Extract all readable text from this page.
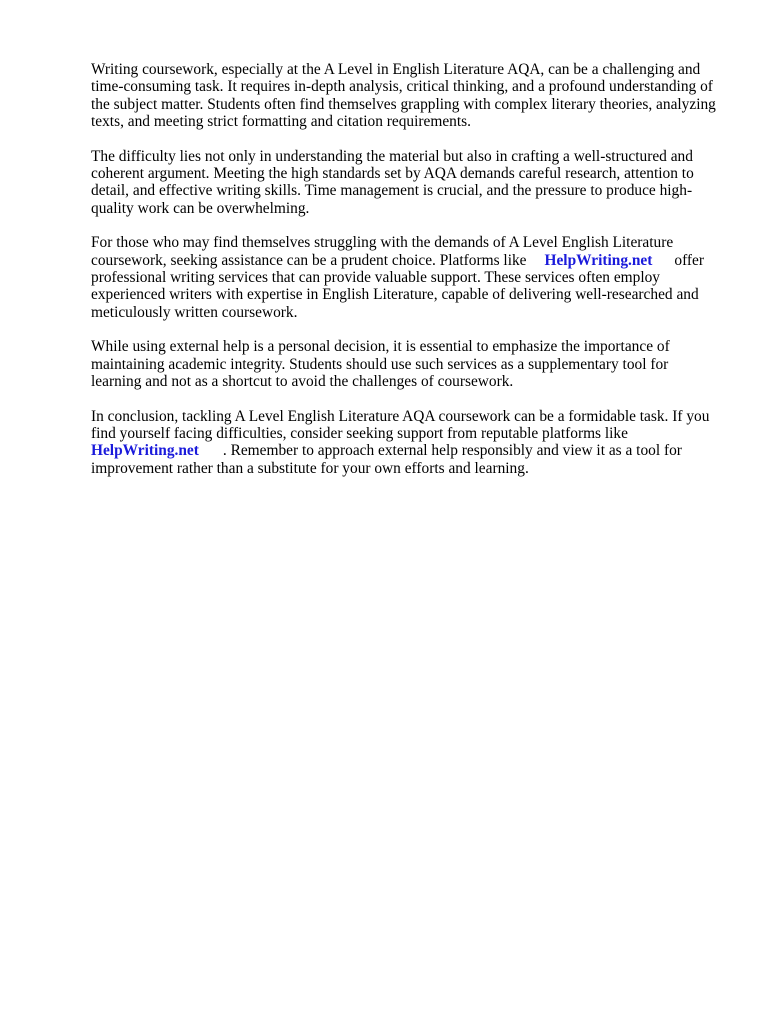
Writing coursework, especially at the A Level in English Literature AQA, can be a challenging and
time-consuming task. It requires in-depth analysis, critical thinking, and a profound understanding of
the subject matter. Students often find themselves grappling with complex literary theories, analyzing
texts, and meeting strict formatting and citation requirements.

The difficulty lies not only in understanding the material but also in crafting a well-structured and
coherent argument. Meeting the high standards set by AQA demands careful research, attention to
detail, and effective writing skills. Time management is crucial, and the pressure to produce high-
quality work can be overwhelming.

For those who may find themselves struggling with the demands of A Level English Literature
coursework, seeking assistance can be a prudent choice. Platforms like HelpWriting.net offer
professional writing services that can provide valuable support. These services often employ
experienced writers with expertise in English Literature, capable of delivering well-researched and
meticulously written coursework.

While using external help is a personal decision, it is essential to emphasize the importance of
maintaining academic integrity. Students should use such services as a supplementary tool for
learning and not as a shortcut to avoid the challenges of coursework.

In conclusion, tackling A Level English Literature AQA coursework can be a formidable task. If you
find yourself facing difficulties, consider seeking support from reputable platforms like
HelpWriting.net . Remember to approach external help responsibly and view it as a tool for
improvement rather than a substitute for your own efforts and learning.
